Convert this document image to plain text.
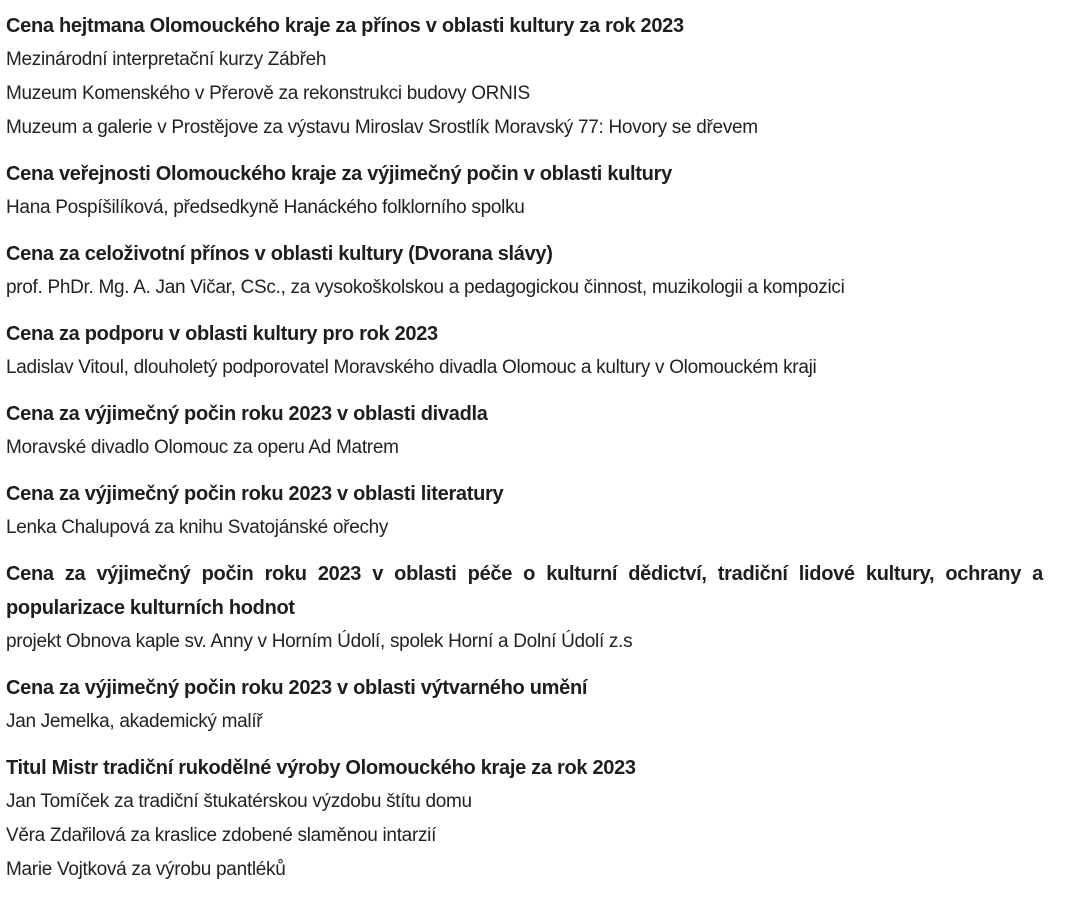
Cena hejtmana Olomouckého kraje za přínos v oblasti kultury za rok 2023

Mezinárodní interpretační kurzy Zábřeh

Muzeum Komenského v Přerově za rekonstrukci budovy ORNIS

Muzeum a galerie v Prostějove za výstavu Miroslav Srostlík Moravský 77: Hovory se dřevem

Cena veřejnosti Olomouckého kraje za výjimečný počin v oblasti kultury

Hana Pospíšilíková, předsedkyně Hanáckého folklorního spolku

Cena za celoživotní přínos v oblasti kultury (Dvorana slávy)

prof. PhDr. Mg. A. Jan Vičar, CSc., za vysokoškolskou a pedagogickou činnost, muzikologii a kompozici

Cena za podporu v oblasti kultury pro rok 2023

Ladislav Vitoul, dlouholetý podporovatel Moravského divadla Olomouc a kultury v Olomouckém kraji

Cena za výjimečný počin roku 2023 v oblasti divadla

Moravské divadlo Olomouc za operu Ad Matrem

Cena za výjimečný počin roku 2023 v oblasti literatury

Lenka Chalupová za knihu Svatojánské ořechy

Cena za výjimečný počin roku 2023 v oblasti péče o kulturní dědictví, tradiční lidové kultury, ochrany a popularizace kulturních hodnot

projekt Obnova kaple sv. Anny v Horním Údolí, spolek Horní a Dolní Údolí z.s

Cena za výjimečný počin roku 2023 v oblasti výtvarného umění

Jan Jemelka, akademický malíř

Titul Mistr tradiční rukodělné výroby Olomouckého kraje za rok 2023

Jan Tomíček za tradiční štukatérskou výzdobu štítu domu

Věra Zdařilová za kraslice zdobené slaměnou intarzií

Marie Vojtková za výrobu pantléků
